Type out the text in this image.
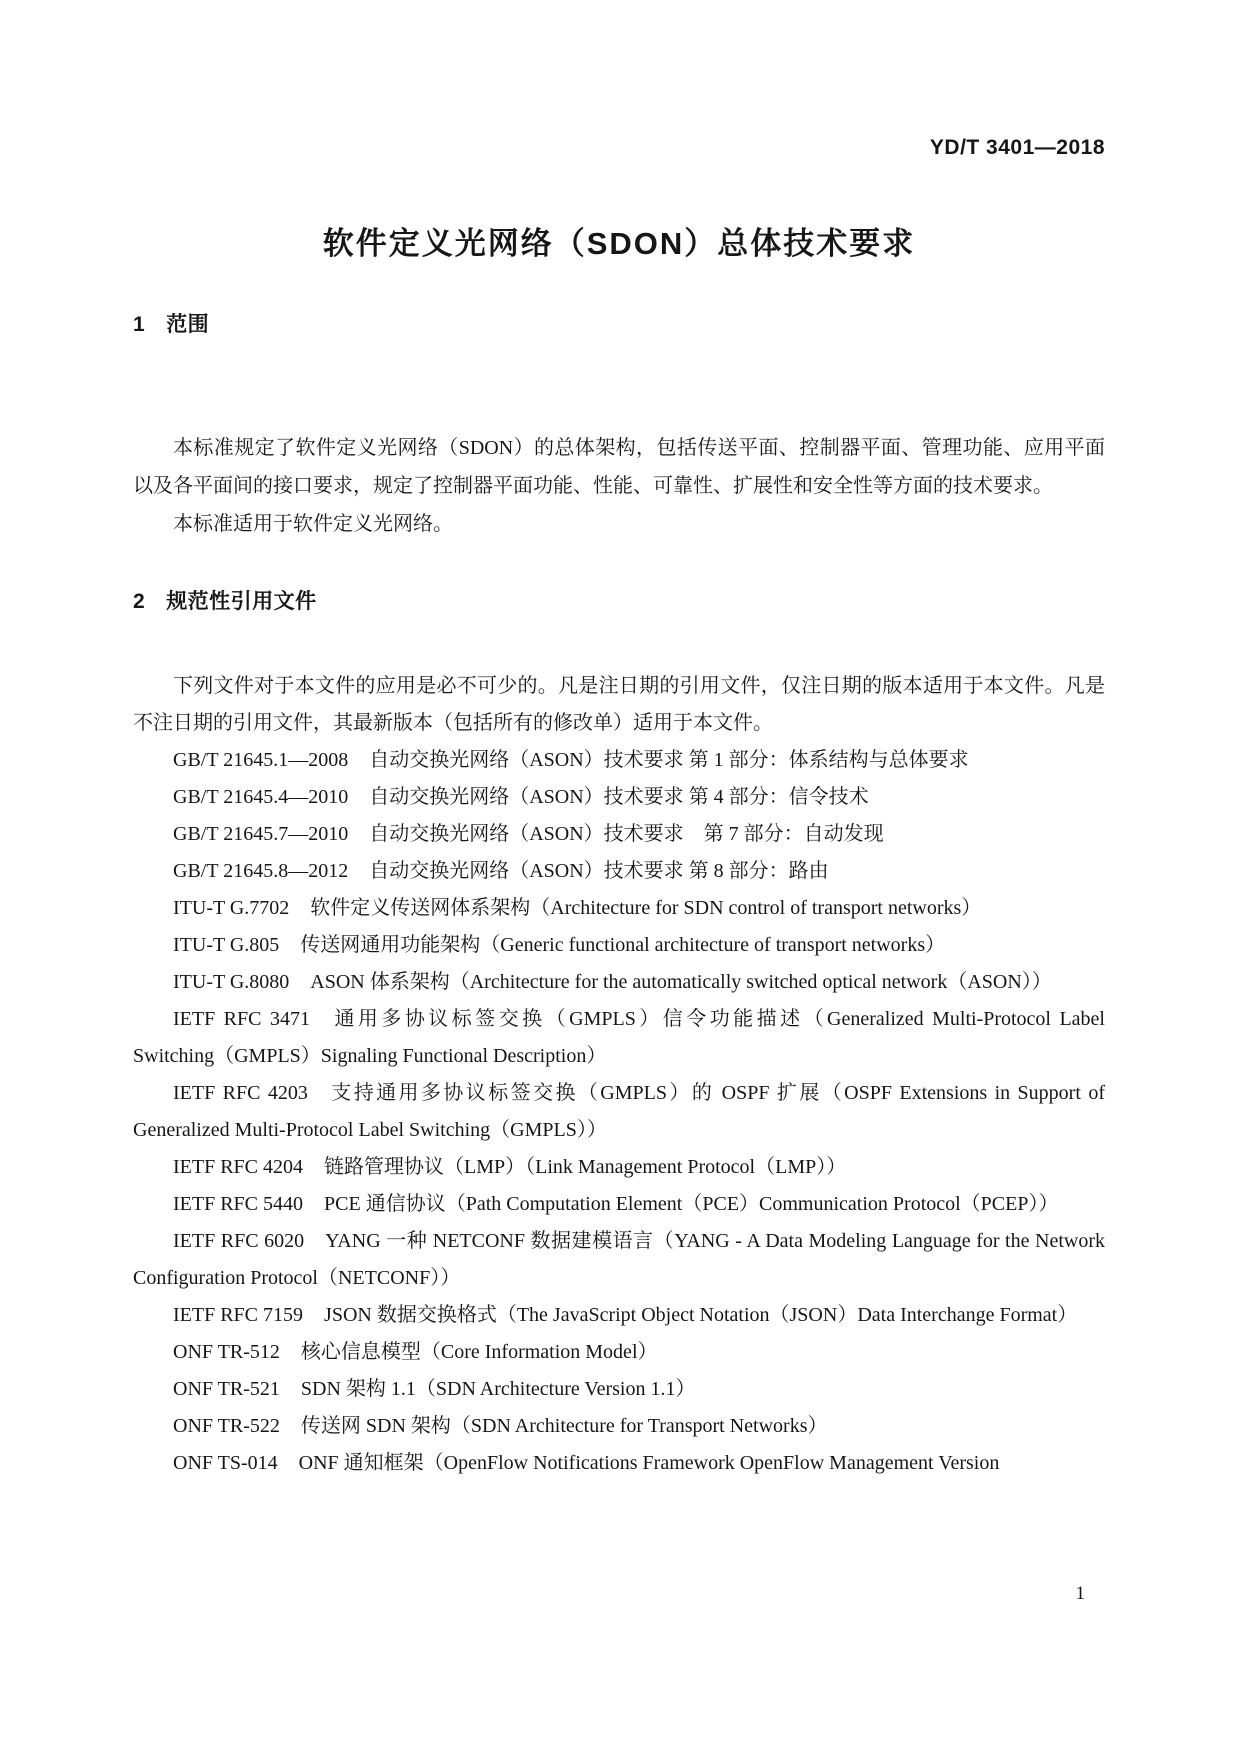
YD/T 3401—2018
软件定义光网络（SDON）总体技术要求
1 范围

本标准规定了软件定义光网络（SDON）的总体架构，包括传送平面、控制器平面、管理功能、应用平面以及各平面间的接口要求，规定了控制器平面功能、性能、可靠性、扩展性和安全性等方面的技术要求。

本标准适用于软件定义光网络。

2 规范性引用文件

下列文件对于本文件的应用是必不可少的。凡是注日期的引用文件，仅注日期的版本适用于本文件。凡是不注日期的引用文件，其最新版本（包括所有的修改单）适用于本文件。

GB/T 21645.1—2008 自动交换光网络（ASON）技术要求 第 1 部分：体系结构与总体要求

GB/T 21645.4—2010 自动交换光网络（ASON）技术要求 第 4 部分：信令技术

GB/T 21645.7—2010 自动交换光网络（ASON）技术要求　第 7 部分：自动发现

GB/T 21645.8—2012 自动交换光网络（ASON）技术要求 第 8 部分：路由

ITU-T G.7702 软件定义传送网体系架构（Architecture for SDN control of transport networks）

ITU-T G.805 传送网通用功能架构（Generic functional architecture of transport networks）

ITU-T G.8080 ASON 体系架构（Architecture for the automatically switched optical network（ASON））

IETF RFC 3471 通用多协议标签交换（GMPLS）信令功能描述（Generalized Multi-Protocol Label Switching（GMPLS）Signaling Functional Description）

IETF RFC 4203 支持通用多协议标签交换（GMPLS）的 OSPF 扩展（OSPF Extensions in Support of Generalized Multi-Protocol Label Switching（GMPLS））

IETF RFC 4204 链路管理协议（LMP）（Link Management Protocol（LMP））

IETF RFC 5440 PCE 通信协议（Path Computation Element（PCE）Communication Protocol（PCEP））

IETF RFC 6020 YANG 一种 NETCONF 数据建模语言（YANG - A Data Modeling Language for the Network Configuration Protocol（NETCONF））

IETF RFC 7159 JSON 数据交换格式（The JavaScript Object Notation（JSON）Data Interchange Format）

ONF TR-512 核心信息模型（Core Information Model）

ONF TR-521 SDN 架构 1.1（SDN Architecture Version 1.1）

ONF TR-522 传送网 SDN 架构（SDN Architecture for Transport Networks）

ONF TS-014 ONF 通知框架（OpenFlow Notifications Framework OpenFlow Management Version

1
